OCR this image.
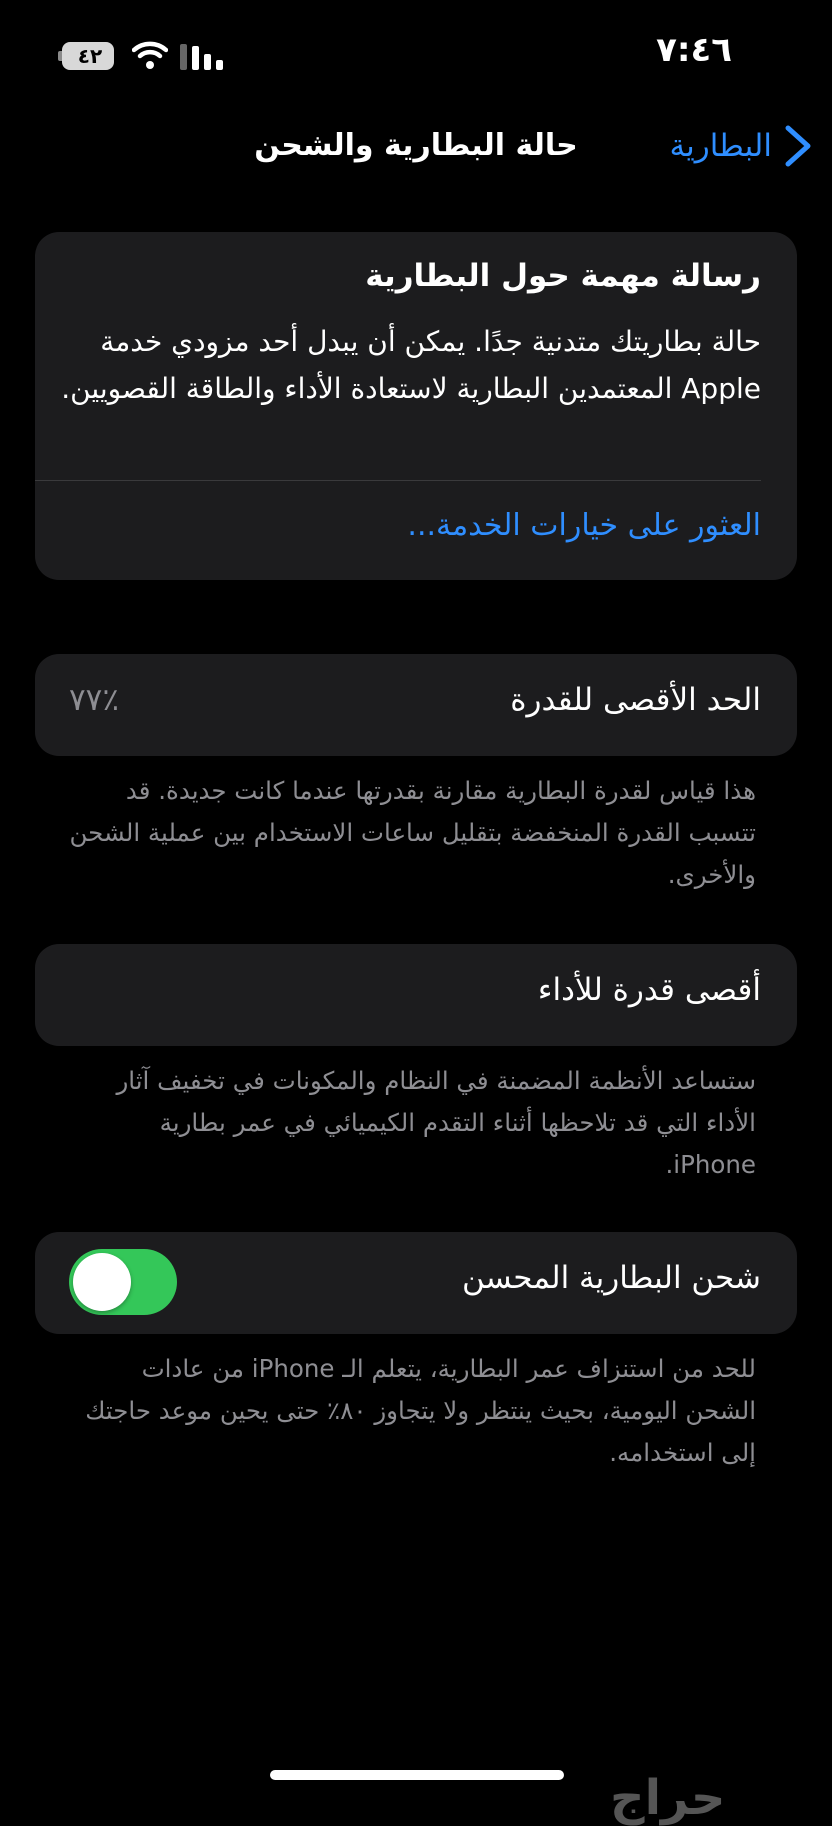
٧:٤٦
٤٢
حالة البطارية والشحن	البطارية
رسالة مهمة حول البطارية
حالة بطاريتك متدنية جدًا. يمكن أن يبدل أحد مزودي خدمة Apple المعتمدين البطارية لاستعادة الأداء والطاقة القصويين.
العثور على خيارات الخدمة...
الحد الأقصى للقدرة
٪٧٧
هذا قياس لقدرة البطارية مقارنة بقدرتها عندما كانت جديدة. قد تتسبب القدرة المنخفضة بتقليل ساعات الاستخدام بين عملية الشحن والأخرى.
أقصى قدرة للأداء
ستساعد الأنظمة المضمنة في النظام والمكونات في تخفيف آثار الأداء التي قد تلاحظها أثناء التقدم الكيميائي في عمر بطارية iPhone.
شحن البطارية المحسن
للحد من استنزاف عمر البطارية، يتعلم الـ iPhone من عادات الشحن اليومية، بحيث ينتظر ولا يتجاوز ٨٠٪ حتى يحين موعد حاجتك إلى استخدامه.
حراج
